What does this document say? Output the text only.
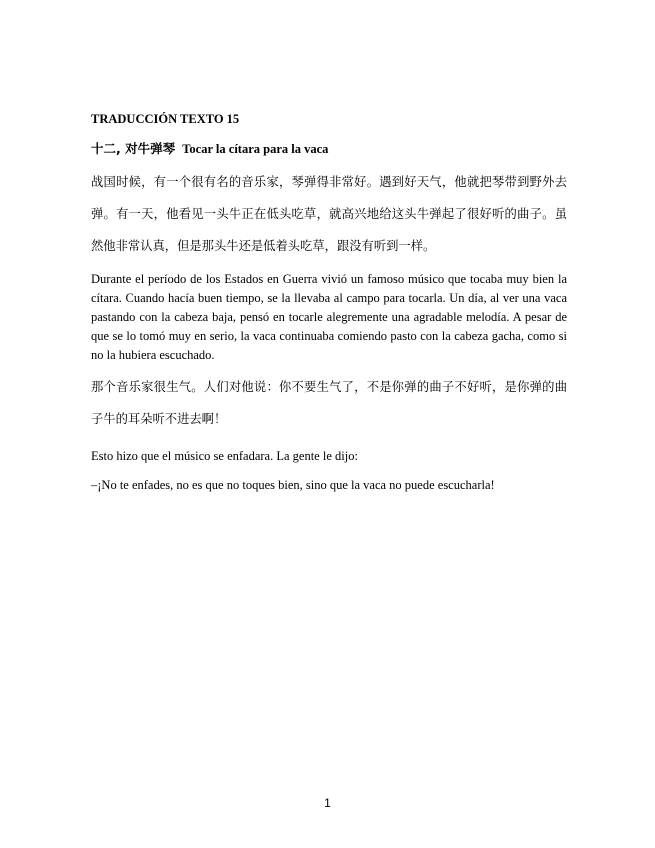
TRADUCCIÓN TEXTO 15

十二, 对牛弹琴 Tocar la cítara para la vaca

战国时候，有一个很有名的音乐家，琴弹得非常好。遇到好天气，他就把琴带到野外去弹。有一天，他看见一头牛正在低头吃草，就高兴地给这头牛弹起了很好听的曲子。虽然他非常认真，但是那头牛还是低着头吃草，跟没有听到一样。

Durante el período de los Estados en Guerra vivió un famoso músico que tocaba muy bien la cítara. Cuando hacía buen tiempo, se la llevaba al campo para tocarla. Un día, al ver una vaca pastando con la cabeza baja, pensó en tocarle alegremente una agradable melodía. A pesar de que se lo tomó muy en serio, la vaca continuaba comiendo pasto con la cabeza gacha, como si no la hubiera escuchado.

那个音乐家很生气。人们对他说：你不要生气了，不是你弹的曲子不好听，是你弹的曲子牛的耳朵听不进去啊！

Esto hizo que el músico se enfadara. La gente le dijo:

–¡No te enfades, no es que no toques bien, sino que la vaca no puede escucharla!

1
